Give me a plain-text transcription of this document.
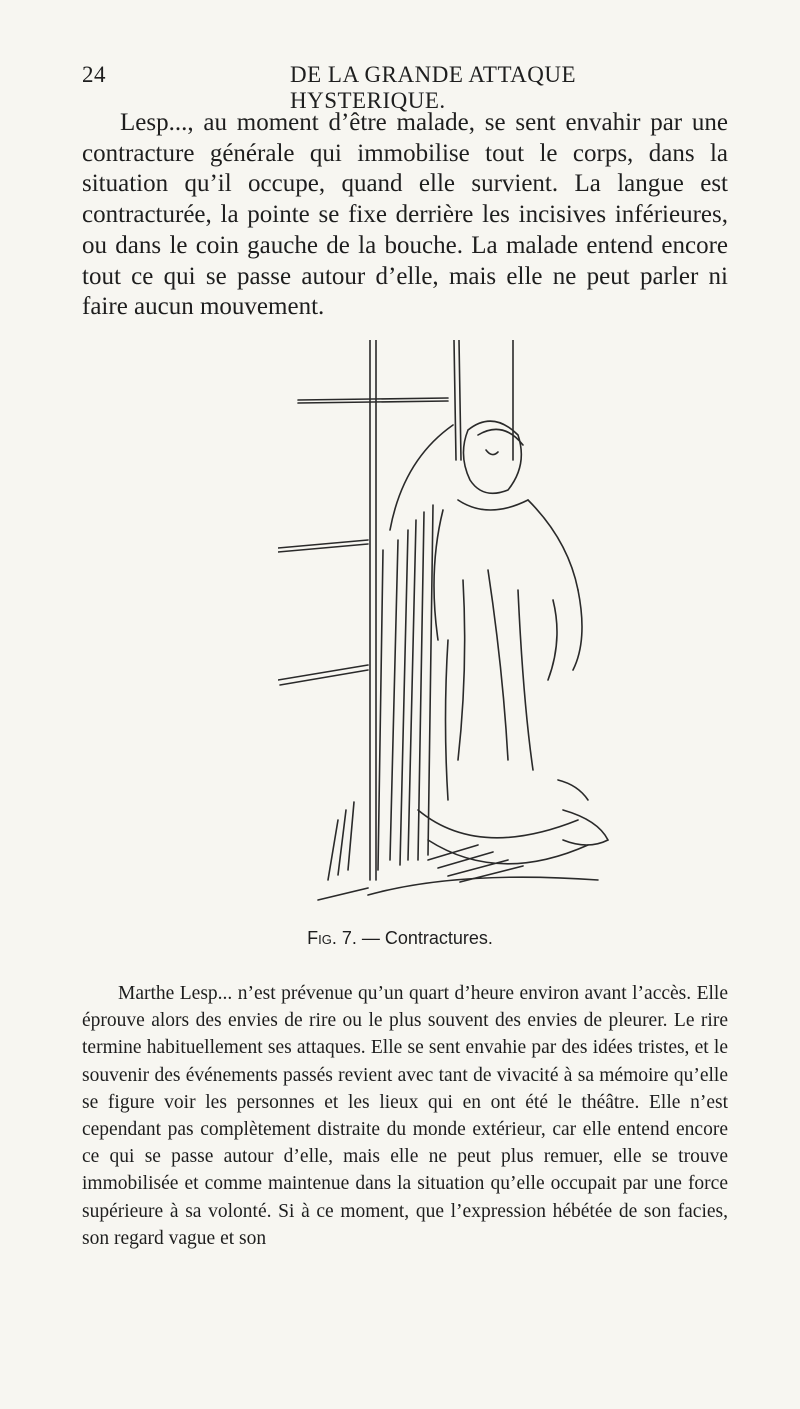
24	DE LA GRANDE ATTAQUE HYSTERIQUE.

Lesp..., au moment d’être malade, se sent envahir par une contracture générale qui immobilise tout le corps, dans la situation qu’il occupe, quand elle survient. La langue est contracturée, la pointe se fixe derrière les incisives inférieures, ou dans le coin gauche de la bouche. La malade entend encore tout ce qui se passe autour d’elle, mais elle ne peut parler ni faire aucun mouvement.

Fig. 7. — Contractures.

Marthe Lesp... n’est prévenue qu’un quart d’heure environ avant l’accès. Elle éprouve alors des envies de rire ou le plus souvent des envies de pleurer. Le rire termine habituellement ses attaques. Elle se sent envahie par des idées tristes, et le souvenir des événements passés revient avec tant de vivacité à sa mémoire qu’elle se figure voir les personnes et les lieux qui en ont été le théâtre. Elle n’est cependant pas complètement distraite du monde extérieur, car elle entend encore ce qui se passe autour d’elle, mais elle ne peut plus remuer, elle se trouve immobilisée et comme maintenue dans la situation qu’elle occupait par une force supérieure à sa volonté. Si à ce moment, que l’expression hébétée de son facies, son regard vague et son
